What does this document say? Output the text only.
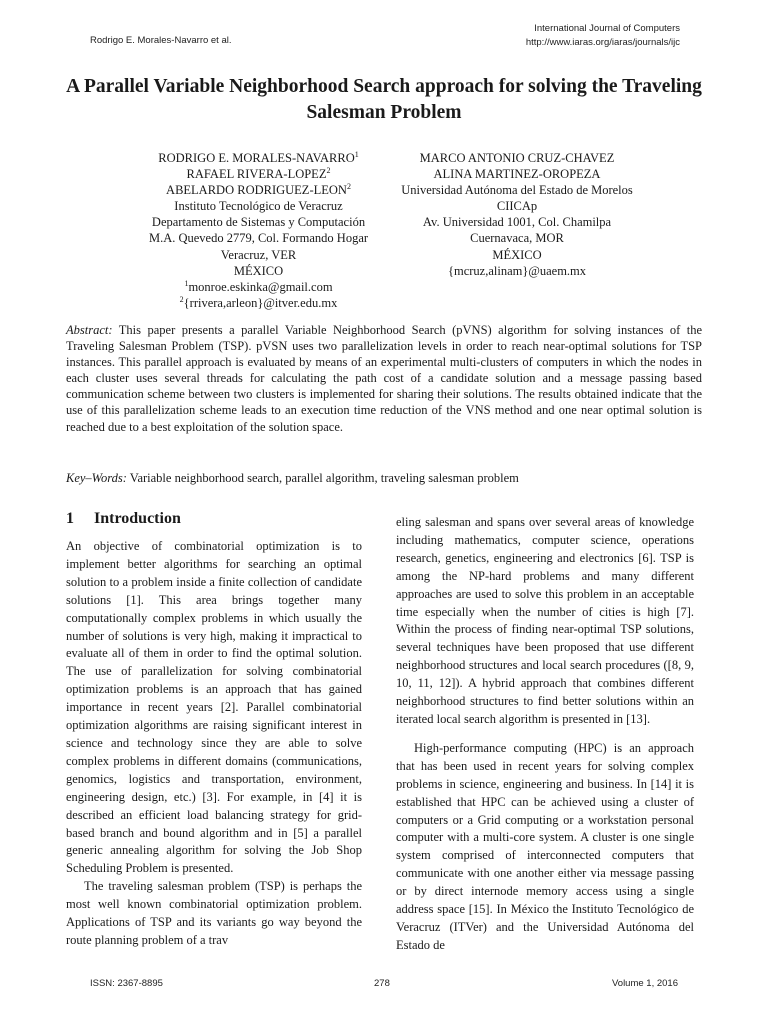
Rodrigo E. Morales-Navarro et al.
International Journal of Computers
http://www.iaras.org/iaras/journals/ijc
A Parallel Variable Neighborhood Search approach for solving the Traveling Salesman Problem
RODRIGO E. MORALES-NAVARRO$^1$
RAFAEL RIVERA-LOPEZ$^2$
ABELARDO RODRIGUEZ-LEON$^2$
Instituto Tecnológico de Veracruz
Departamento de Sistemas y Computación
M.A. Quevedo 2779, Col. Formando Hogar
Veracruz, VER
MÉXICO
$^1$monroe.eskinka@gmail.com
$^2${rrivera,arleon}@itver.edu.mx
MARCO ANTONIO CRUZ-CHAVEZ
ALINA MARTINEZ-OROPEZA
Universidad Autónoma del Estado de Morelos
CIICAp
Av. Universidad 1001, Col. Chamilpa
Cuernavaca, MOR
MÉXICO
{mcruz,alinam}@uaem.mx
Abstract: This paper presents a parallel Variable Neighborhood Search (pVNS) algorithm for solving instances of the Traveling Salesman Problem (TSP). pVSN uses two parallelization levels in order to reach near-optimal solutions for TSP instances. This parallel approach is evaluated by means of an experimental multi-clusters of computers in which the nodes in each cluster uses several threads for calculating the path cost of a candidate solution and a message passing based communication scheme between two clusters is implemented for sharing their solutions. The results obtained indicate that the use of this parallelization scheme leads to an execution time reduction of the VNS method and one near optimal solution is reached due to a best exploitation of the solution space.
Key–Words: Variable neighborhood search, parallel algorithm, traveling salesman problem
1 Introduction

An objective of combinatorial optimization is to implement better algorithms for searching an optimal solution to a problem inside a finite collection of candidate solutions [1]. This area brings together many computationally complex problems in which usually the number of solutions is very high, making it impractical to evaluate all of them in order to find the optimal solution. The use of parallelization for solving combinatorial optimization problems is an approach that has gained importance in recent years [2]. Parallel combinatorial optimization algorithms are raising significant interest in science and technology since they are able to solve complex problems in different domains (communications, genomics, logistics and transportation, environment, engineering design, etc.) [3]. For example, in [4] it is described an efficient load balancing strategy for grid-based branch and bound algorithm and in [5] a parallel generic annealing algorithm for solving the Job Shop Scheduling Problem is presented.

The traveling salesman problem (TSP) is perhaps the most well known combinatorial optimization problem. Applications of TSP and its variants go way beyond the route planning problem of a trav

eling salesman and spans over several areas of knowledge including mathematics, computer science, operations research, genetics, engineering and electronics [6]. TSP is among the NP-hard problems and many different approaches are used to solve this problem in an acceptable time especially when the number of cities is high [7]. Within the process of finding near-optimal TSP solutions, several techniques have been proposed that use different neighborhood structures and local search procedures ([8, 9, 10, 11, 12]). A hybrid approach that combines different neighborhood structures to find better solutions within an iterated local search algorithm is presented in [13].

High-performance computing (HPC) is an approach that has been used in recent years for solving complex problems in science, engineering and business. In [14] it is established that HPC can be achieved using a cluster of computers or a Grid computing or a workstation personal computer with a multi-core system. A cluster is one single system comprised of interconnected computers that communicate with one another either via message passing or by direct internode memory access using a single address space [15]. In México the Instituto Tecnológico de Veracruz (ITVer) and the Universidad Autónoma del Estado de

ISSN: 2367-8895	278	Volume 1, 2016
